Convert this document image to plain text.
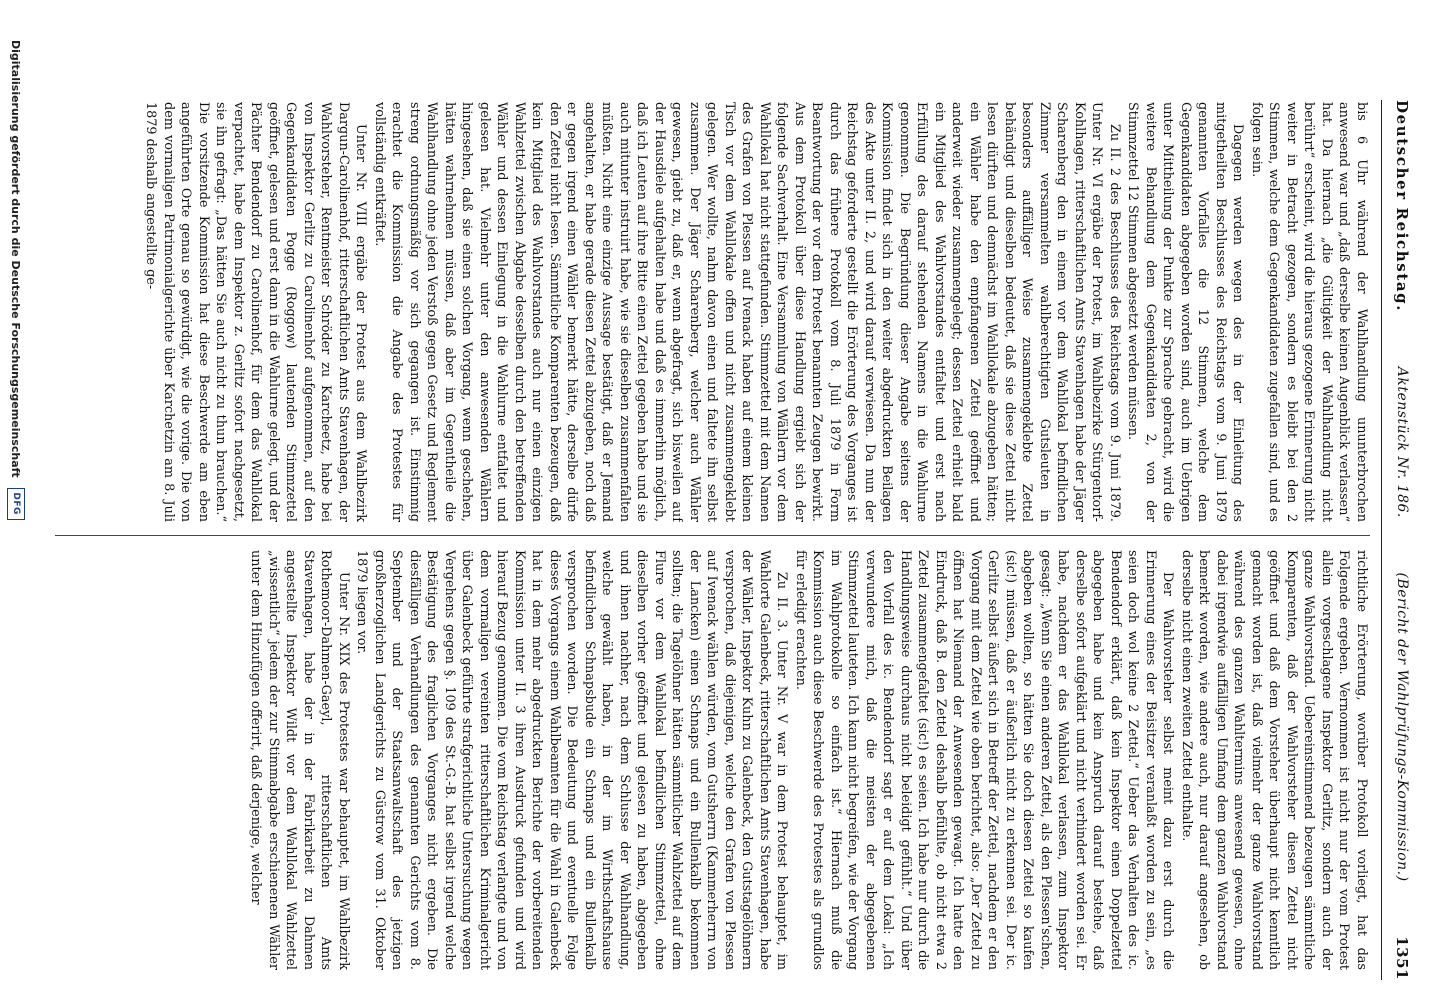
Deutscher Reichstag.
Aktenstück Nr. 186.
(Bericht der Wahlprüfungs-Kommission.)
1351

bis 6 Uhr während der Wahlhandlung ununterbrochen anwesend war und „daß derselbe keinen Augenblick verlassen“ hat. Da hiernach „die Gültigkeit der Wahlhandlung nicht berührt“ erscheint, wird die hieraus gezogene Erinnerung nicht weiter in Betracht gezogen, sondern es bleibt bei den 2 Stimmen, welche dem Gegenkandidaten zugefallen sind, und es folgen sein.

Dagegen werden wegen des in der Einleitung des mitgetheilten Beschlusses des Reichstags vom 9. Juni 1879 genannten Vorfalles die 12 Stimmen, welche dem Gegenkandidaten abgegeben worden sind, auch im Uebrigen unter Mittheilung der Punkte zur Sprache gebracht, wird die weitere Behandlung dem Gegenkandidaten 2, von der Stimmzettel 12 Stimmen abgesetzt werden müssen.

Zu II. 2 des Beschlusses des Reichstags vom 9. Juni 1879. Unter Nr. VI ergäbe der Protest, im Wahlbezirke Stürgentorf-Kohlhagen, ritterschaftlichen Amts Stavenhagen habe der Jäger Scharenberg den in einem vor dem Wahllokal befindlichen Zimmer versammelten wahlberechtigten Gutsleuten in besonders auffälliger Weise zusammengeklebte Zettel behändigt und dieselben bedeutet, daß sie diese Zettel nicht lesen dürften und demnächst im Wahllokale abzugeben hätten; ein Wähler habe den empfangenen Zettel geöffnet und anderweit wieder zusammengelegt; dessen Zettel erhielt bald ein Mitglied des Wahlvorstandes entfaltet und erst nach Erfüllung des darauf stehenden Namens in die Wahlurne genommen. Die Begründung dieser Angabe seitens der Kommission findet sich in den weiter abgedruckten Beilagen des Akte unter II. 2, und wird darauf verwiesen. Da nun der Reichstag geforderte gestellt die Erörterung des Vorganges ist durch das frühere Protokoll vom 8. Juli 1879 in Form Beantwortung der vor dem Protest benannten Zeugen bewirkt. Aus dem Protokoll über diese Handlung ergiebt sich der folgende Sachverhalt. Eine Versammlung von Wählern vor dem Wahllokal hat nicht stattgefunden. Stimmzettel mit dem Namen des Grafen von Plessen auf Ivenack haben auf einem kleinen Tisch vor dem Wahllokale offen und nicht zusammengeklebt gelegen. Wer wollte, nahm davon einen und faltete ihn selbst zusammen. Der Jäger Scharenberg, welcher auch Wähler gewesen, giebt zu, daß er, wenn abgefragt, sich bisweilen auf der Hausdiele aufgehalten habe und daß es immerhin möglich, daß ich Leuten auf ihre Bitte einen Zettel gegeben habe und sie auch mitunter instruirt habe, wie sie dieselben zusammenfalten müßten. Nicht eine einzige Aussage bestätigt, daß er Jemand angehalten, er habe gerade diesen Zettel abzugeben, noch daß er gegen irgend einen Wähler bemerkt hätte, derselbe dürfe den Zettel nicht lesen. Sämmtliche Komparenten bezeugen, daß kein Mitglied des Wahlvorstandes auch nur einen einzigen Wahlzettel zwischen Abgabe desselben durch den betreffenden Wähler und dessen Einlegung in die Wahlurne entfaltet und gelesen hat. Vielmehr unter den anwesenden Wählern hingesehen, daß sie einen solchen Vorgang, wenn geschehen, hätten wahrnehmen müssen, daß aber im Gegentheile die Wahlhandlung ohne jeden Verstoß gegen Gesetz und Reglement streng ordnungsmäßig vor sich gegangen ist. Einstimmig erachtet die Kommission die Angabe des Protestes für vollständig entkräftet.

Unter Nr. VIII ergäbe der Protest aus dem Wahlbezirk Dargun-Carolinenhof, ritterschaftlichen Amts Stavenhagen, der Wahlvorsteher, Rentmeister Schröder zu Karcheetz, habe bei von Inspektor Gerlitz zu Carolinenhof aufgenommen, auf den Gegenkandidaten Pogge (Roggow) lautenden Stimmzettel geöffnet, gelesen und erst dann in die Wahlurne gelegt, und der Pächter Bendendorf zu Carolinenhof, für dem das Wahllokal verpachtet, habe dem Inspektor z. Gerlitz sofort nachgesetzt, sie ihn gefragt: „Das hätten Sie auch nicht zu thun brauchen.“ Die vorsitzende Kommission hat diese Beschwerde am eben angeführten Orte genau so gewürdigt, wie die vorige. Die von dem vormaligen Patrimonialgerichte über Karchetzin am 8. Juli 1879 deshalb angestellte ge-

richtliche Erörterung, worüber Protokoll vorliegt, hat das Folgende ergeben. Vernommen ist nicht nur der vom Protest allein vorgeschlagene Inspektor Gerlitz, sondern auch der ganze Wahlvorstand. Uebereinstimmend bezeugen sämmtliche Komparenten, daß der Wahlvorsteher diesen Zettel nicht geöffnet und daß dem Vorsteher überhaupt nicht kenntlich gemacht worden ist, daß vielmehr der ganze Wahlvorstand während des ganzen Wahltermins anwesend gewesen, ohne dabei irgendwie auffälligen Umfang dem ganzen Wahlvorstand bemerkt worden, wie andere auch, nur darauf angesehen, ob derselbe nicht einen zweiten Zettel enthalte.

Der Wahlvorsteher selbst meint dazu erst durch die Erinnerung eines der Beisitzer veranlaßt worden zu sein, „es seien doch wol keine 2 Zettel.“ Ueber das Verhalten des ic. Bendendorf erklärt, daß kein Inspektor einen Doppelzettel abgegeben habe und kein Anspruch darauf bestehe, daß derselbe sofort aufgeklärt und nicht verhindert worden sei. Er habe, nachdem er das Wahllokal verlassen, zum Inspektor gesagt: „Wenn Sie einen anderen Zettel, als den Plessen'schen, abgeben wollten, so hätten Sie doch diesen Zettel so kaufen (sic!) müssen, daß er äußerlich nicht zu erkennen sei. Der ic. Gerlitz selbst äußert sich in Betreff der Zettel, nachdem er den Vorgang mit dem Zettel wie oben berichtet, also: „Der Zettel zu öffnen hat Niemand der Anwesenden gewagt. Ich hatte den Eindruck, daß B. den Zettel deshalb befühlte, ob nicht etwa 2 Zettel zusammengefaltet (sic!) es seien. Ich habe nur durch die Handlungsweise durchaus nicht beleidigt gefühlt.“ Und über den Vorfall des ic. Bendendorf sagt er auf dem Lokal: „Ich verwundere mich, daß die meisten der abgegebenen Stimmzettel lauteten. Ich kann nicht begreifen, wie der Vorgang im Wahlprotokolle so einfach ist.“ Hiernach muß die Kommission auch diese Beschwerde des Protestes als grundlos für erledigt erachten.

Zu II. 3. Unter Nr. V war in dem Protest behauptet, im Wahlorte Galenbeck, ritterschaftlichen Amts Stavenhagen, habe der Wähler, Inspektor Kuhn zu Galenbeck, den Gutstagelöhnern versprochen, daß diejenigen, welche den Grafen von Plessen auf Ivenack wählen würden, vom Gutsherrn (Kammerherrn von der Lancken) einen Schnaps und ein Bullenkalb bekommen sollten; die Tagelöhner hätten sämmtlicher Wahlzettel auf dem Flure vor dem Wahllokal befindlichen Stimmzettel, ohne dieselben vorher geöffnet und gelesen zu haben, abgegeben und ihnen nachher, nach dem Schlusse der Wahlhandlung, welche gewählt haben, in der im Wirthschaftshause befindlichen Schnapsbude ein Schnaps und ein Bullenkalb versprochen worden. Die Bedeutung und eventuelle Folge dieses Vorgangs einem Wahlbeamten für die Wahl in Galenbeck hat in dem mehr abgedruckten Berichte der vorbereitenden Kommission unter II. 3 ihren Ausdruck gefunden und wird hierauf Bezug genommen. Die vom Reichstag verlangte und von dem vormaligen vereinten ritterschaftlichen Kriminalgericht über Galenbeck geführte strafgerichtliche Untersuchung wegen Vergehens gegen §. 109 des St.-G.-B. hat selbst irgend welche Bestätigung des fraglichen Vorganges nicht ergeben. Die diesfälligen Verhandlungen des genannten Gerichts vom 8. September und der Staatsanwaltschaft des jetzigen großherzoglichen Landgerichts zu Güstrow vom 31. Oktober 1879 liegen vor.

Unter Nr. XIX des Protestes war behauptet, im Wahlbezirk Rothemoor-Dahmen-Gaeyl, ritterschaftlichen Amts Stavenhagen, habe der in der Fabrikarbeit zu Dahmen angestellte Inspektor Wildt vor dem Wahllokal Wahlzettel „wissentlich“ jedem der zur Stimmabgabe erschienenen Wähler unter dem Hinzufügen offerirt, daß derjenige, welcher

Digitalisierung gefördert durch die Deutsche Forschungsgemeinschaft
DFG
